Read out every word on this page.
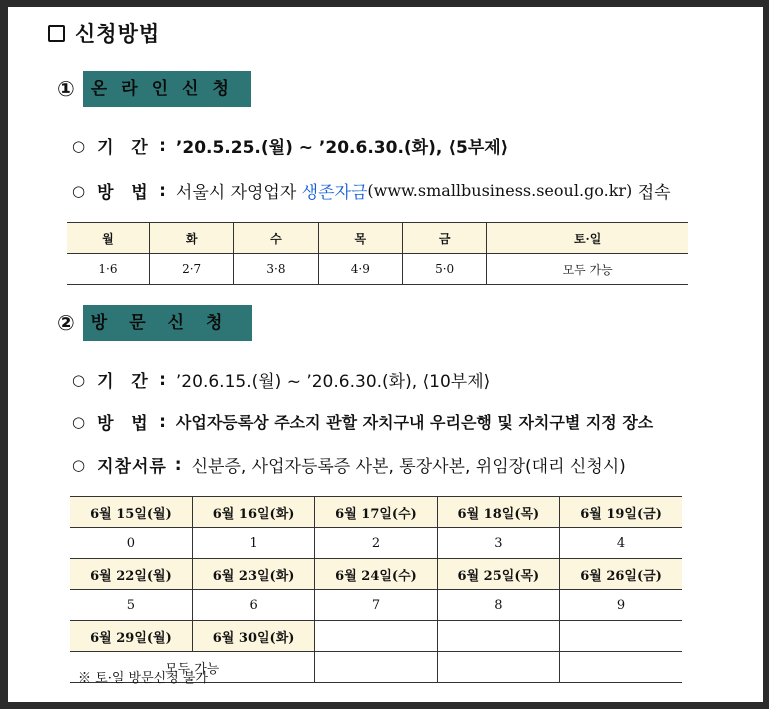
신청방법
① 온라인신청
○ 기   간 : ’20.5.25.(월) ~ ’20.6.30.(화), ⟨5부제⟩
○ 방   법 : 서울시 자영업자 생존자금 (www.smallbusiness.seoul.go.kr) 접속
월	화	수	목	금	토·일
1·6	2·7	3·8	4·9	5·0	모두 가능
② 방문신청
○ 기   간 : ’20.6.15.(월) ~ ’20.6.30.(화), ⟨10부제⟩
○ 방   법 : 사업자등록상 주소지 관할 자치구내 우리은행 및 자치구별 지정 장소
○ 지참서류 : 신분증, 사업자등록증 사본, 통장사본, 위임장(대리 신청시)
6월 15일(월)	6월 16일(화)	6월 17일(수)	6월 18일(목)	6월 19일(금)
0	1	2	3	4
6월 22일(월)	6월 23일(화)	6월 24일(수)	6월 25일(목)	6월 26일(금)
5	6	7	8	9
6월 29일(월)	6월 30일(화)			
모두 가능				
※ 토·일 방문신청 불가
